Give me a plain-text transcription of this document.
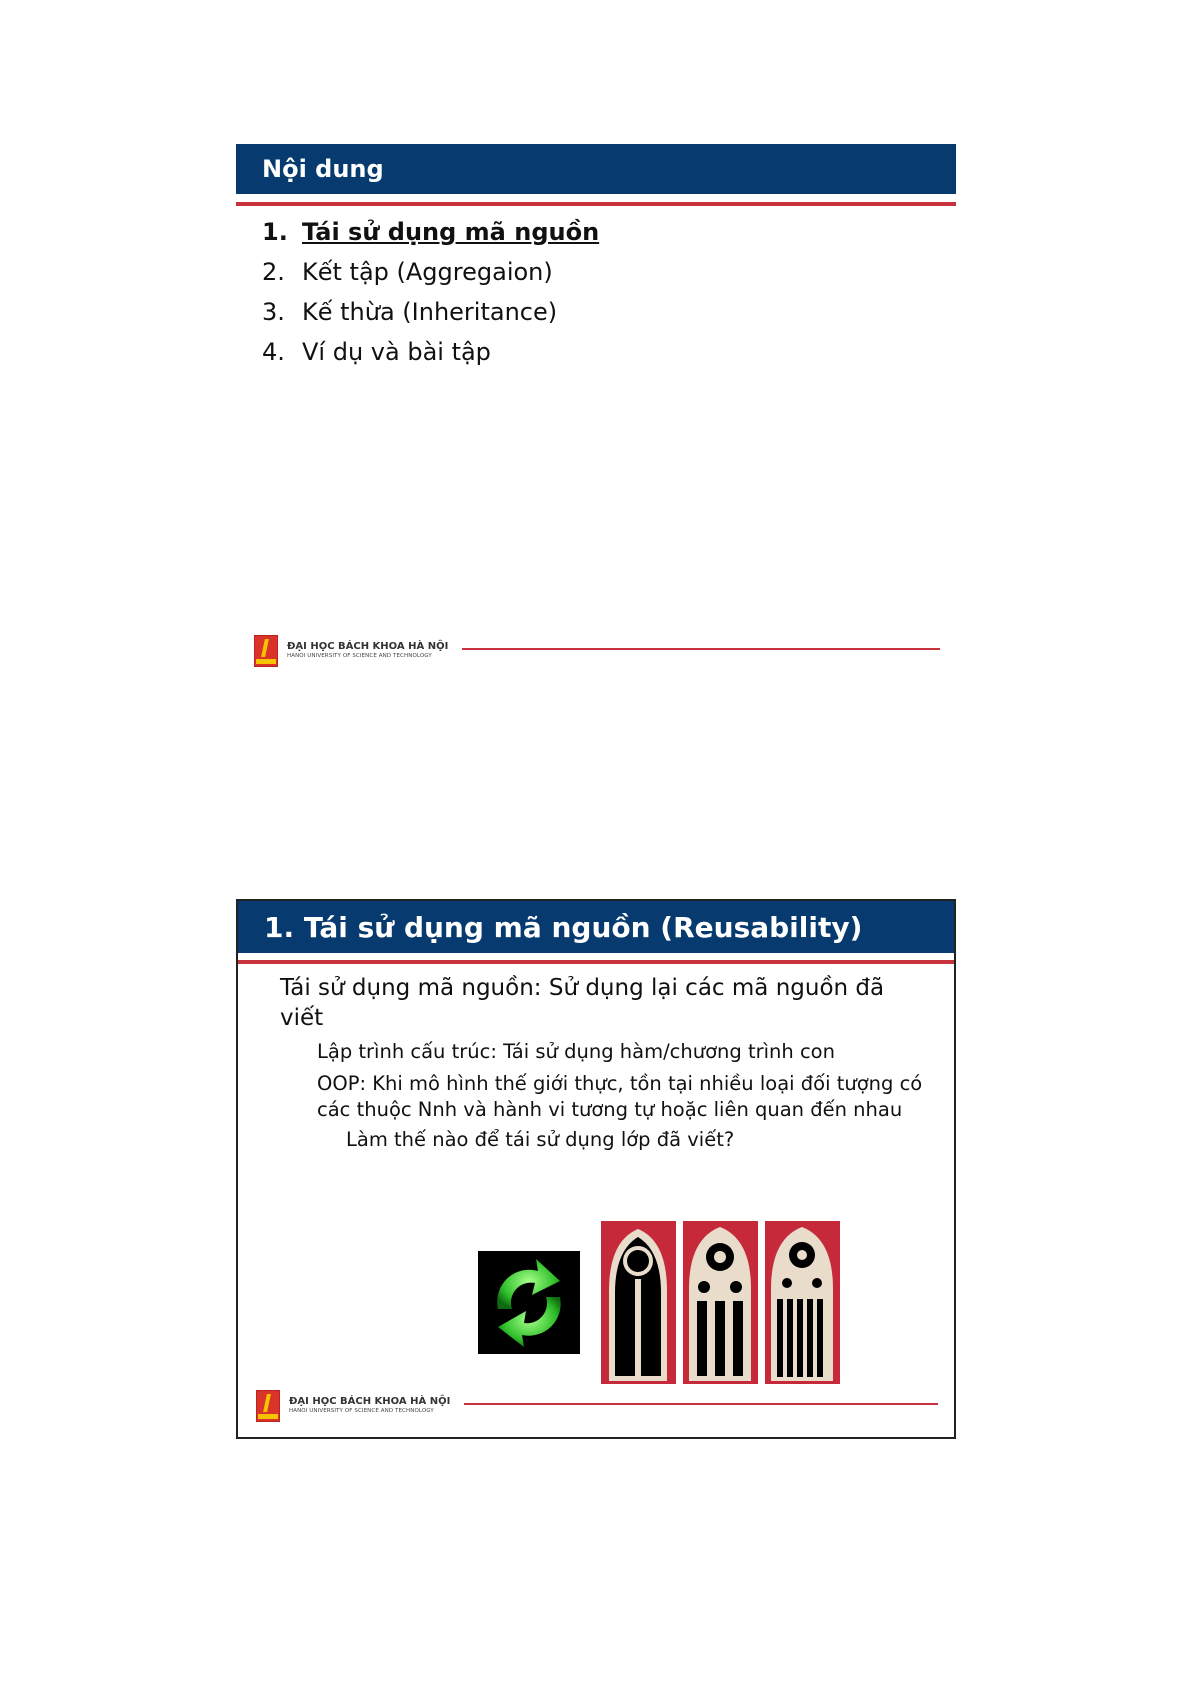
Nội dung
1. Tái sử dụng mã nguồn
2. Kết tập (Aggregaion)
3. Kế thừa (Inheritance)
4. Ví dụ và bài tập
ĐẠI HỌC BÁCH KHOA HÀ NỘI
HANOI UNIVERSITY OF SCIENCE AND TECHNOLOGY
1. Tái sử dụng mã nguồn (Reusability)
Tái sử dụng mã nguồn: Sử dụng lại các mã nguồn đã viết
Lập trình cấu trúc: Tái sử dụng hàm/chương trình con
OOP: Khi mô hình thế giới thực, tồn tại nhiều loại đối tượng có các thuộc Nnh và hành vi tương tự hoặc liên quan đến nhau
Làm thế nào để tái sử dụng lớp đã viết?
ĐẠI HỌC BÁCH KHOA HÀ NỘI
HANOI UNIVERSITY OF SCIENCE AND TECHNOLOGY
